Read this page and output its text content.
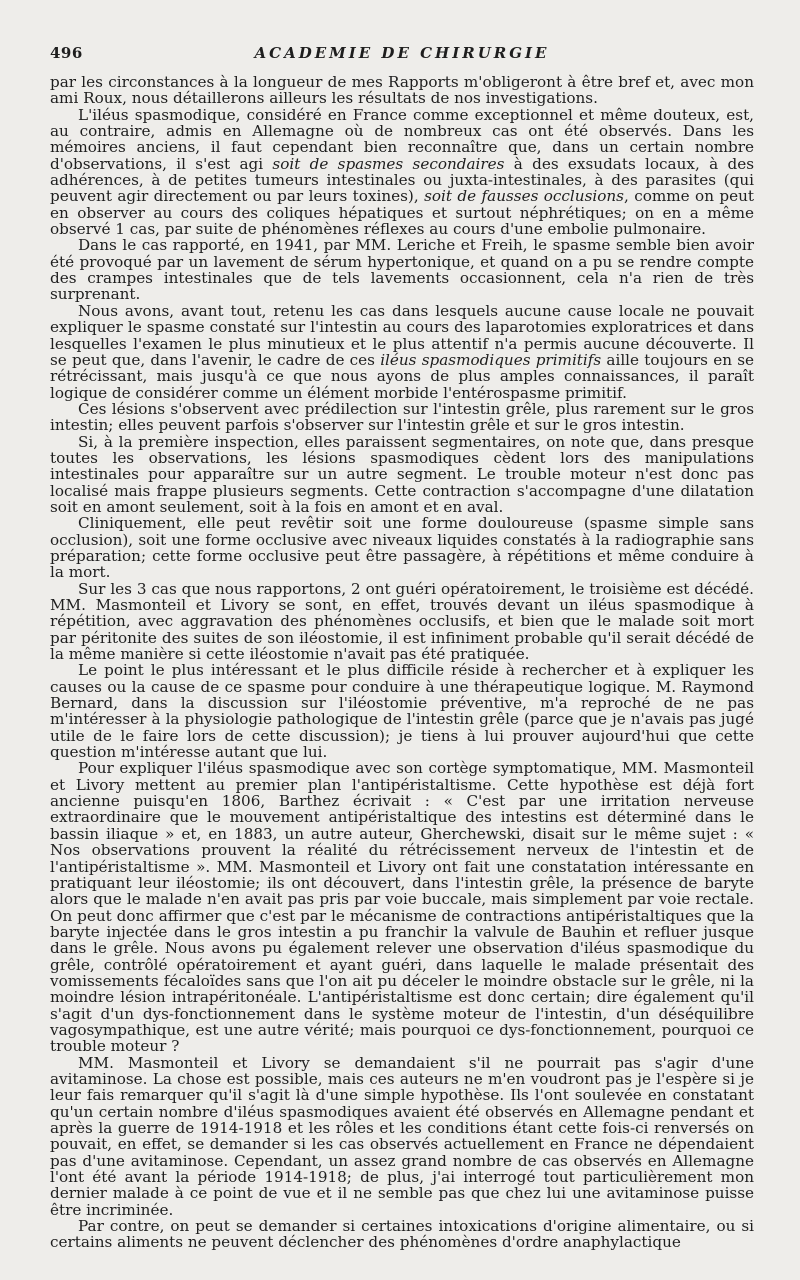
496	ACADEMIE DE CHIRURGIE

par les circonstances à la longueur de mes Rapports m'obligeront à être bref et, avec mon ami Roux, nous détaillerons ailleurs les résultats de nos investigations.

L'iléus spasmodique, considéré en France comme exceptionnel et même douteux, est, au contraire, admis en Allemagne où de nombreux cas ont été observés. Dans les mémoires anciens, il faut cependant bien reconnaître que, dans un certain nombre d'observations, il s'est agi soit de spasmes secondaires à des exsudats locaux, à des adhérences, à de petites tumeurs intestinales ou juxta-intestinales, à des parasites (qui peuvent agir directement ou par leurs toxines), soit de fausses occlusions, comme on peut en observer au cours des coliques hépatiques et surtout néphrétiques; on en a même observé 1 cas, par suite de phénomènes réflexes au cours d'une embolie pulmonaire.

Dans le cas rapporté, en 1941, par MM. Leriche et Freih, le spasme semble bien avoir été provoqué par un lavement de sérum hypertonique, et quand on a pu se rendre compte des crampes intestinales que de tels lavements occasionnent, cela n'a rien de très surprenant.

Nous avons, avant tout, retenu les cas dans lesquels aucune cause locale ne pouvait expliquer le spasme constaté sur l'intestin au cours des laparotomies exploratrices et dans lesquelles l'examen le plus minutieux et le plus attentif n'a permis aucune découverte. Il se peut que, dans l'avenir, le cadre de ces iléus spasmodiques primitifs aille toujours en se rétrécissant, mais jusqu'à ce que nous ayons de plus amples connaissances, il paraît logique de considérer comme un élément morbide l'entérospasme primitif.

Ces lésions s'observent avec prédilection sur l'intestin grêle, plus rarement sur le gros intestin; elles peuvent parfois s'observer sur l'intestin grêle et sur le gros intestin.

Si, à la première inspection, elles paraissent segmentaires, on note que, dans presque toutes les observations, les lésions spasmodiques cèdent lors des manipulations intestinales pour apparaître sur un autre segment. Le trouble moteur n'est donc pas localisé mais frappe plusieurs segments. Cette contraction s'accompagne d'une dilatation soit en amont seulement, soit à la fois en amont et en aval.

Cliniquement, elle peut revêtir soit une forme douloureuse (spasme simple sans occlusion), soit une forme occlusive avec niveaux liquides constatés à la radiographie sans préparation; cette forme occlusive peut être passagère, à répétitions et même conduire à la mort.

Sur les 3 cas que nous rapportons, 2 ont guéri opératoirement, le troisième est décédé. MM. Masmonteil et Livory se sont, en effet, trouvés devant un iléus spasmodique à répétition, avec aggravation des phénomènes occlusifs, et bien que le malade soit mort par péritonite des suites de son iléostomie, il est infiniment probable qu'il serait décédé de la même manière si cette iléostomie n'avait pas été pratiquée.

Le point le plus intéressant et le plus difficile réside à rechercher et à expliquer les causes ou la cause de ce spasme pour conduire à une thérapeutique logique. M. Raymond Bernard, dans la discussion sur l'iléostomie préventive, m'a reproché de ne pas m'intéresser à la physiologie pathologique de l'intestin grêle (parce que je n'avais pas jugé utile de le faire lors de cette discussion); je tiens à lui prouver aujourd'hui que cette question m'intéresse autant que lui.

Pour expliquer l'iléus spasmodique avec son cortège symptomatique, MM. Masmonteil et Livory mettent au premier plan l'antipéristaltisme. Cette hypothèse est déjà fort ancienne puisqu'en 1806, Barthez écrivait : « C'est par une irritation nerveuse extraordinaire que le mouvement antipéristaltique des intestins est déterminé dans le bassin iliaque » et, en 1883, un autre auteur, Gherchewski, disait sur le même sujet : « Nos observations prouvent la réalité du rétrécissement nerveux de l'intestin et de l'antipéristaltisme ». MM. Masmonteil et Livory ont fait une constatation intéressante en pratiquant leur iléostomie; ils ont découvert, dans l'intestin grêle, la présence de baryte alors que le malade n'en avait pas pris par voie buccale, mais simplement par voie rectale. On peut donc affirmer que c'est par le mécanisme de contractions antipéristaltiques que la baryte injectée dans le gros intestin a pu franchir la valvule de Bauhin et refluer jusque dans le grêle. Nous avons pu également relever une observation d'iléus spasmodique du grêle, contrôlé opératoirement et ayant guéri, dans laquelle le malade présentait des vomissements fécaloïdes sans que l'on ait pu déceler le moindre obstacle sur le grêle, ni la moindre lésion intrapéritonéale. L'antipéristaltisme est donc certain; dire également qu'il s'agit d'un dys-fonctionnement dans le système moteur de l'intestin, d'un déséquilibre vagosympathique, est une autre vérité; mais pourquoi ce dys-fonctionnement, pourquoi ce trouble moteur ?

MM. Masmonteil et Livory se demandaient s'il ne pourrait pas s'agir d'une avitaminose. La chose est possible, mais ces auteurs ne m'en voudront pas je l'espère si je leur fais remarquer qu'il s'agit là d'une simple hypothèse. Ils l'ont soulevée en constatant qu'un certain nombre d'iléus spasmodiques avaient été observés en Allemagne pendant et après la guerre de 1914-1918 et les rôles et les conditions étant cette fois-ci renversés on pouvait, en effet, se demander si les cas observés actuellement en France ne dépendaient pas d'une avitaminose. Cependant, un assez grand nombre de cas observés en Allemagne l'ont été avant la période 1914-1918; de plus, j'ai interrogé tout particulièrement mon dernier malade à ce point de vue et il ne semble pas que chez lui une avitaminose puisse être incriminée.

Par contre, on peut se demander si certaines intoxications d'origine alimentaire, ou si certains aliments ne peuvent déclencher des phénomènes d'ordre anaphylactique
